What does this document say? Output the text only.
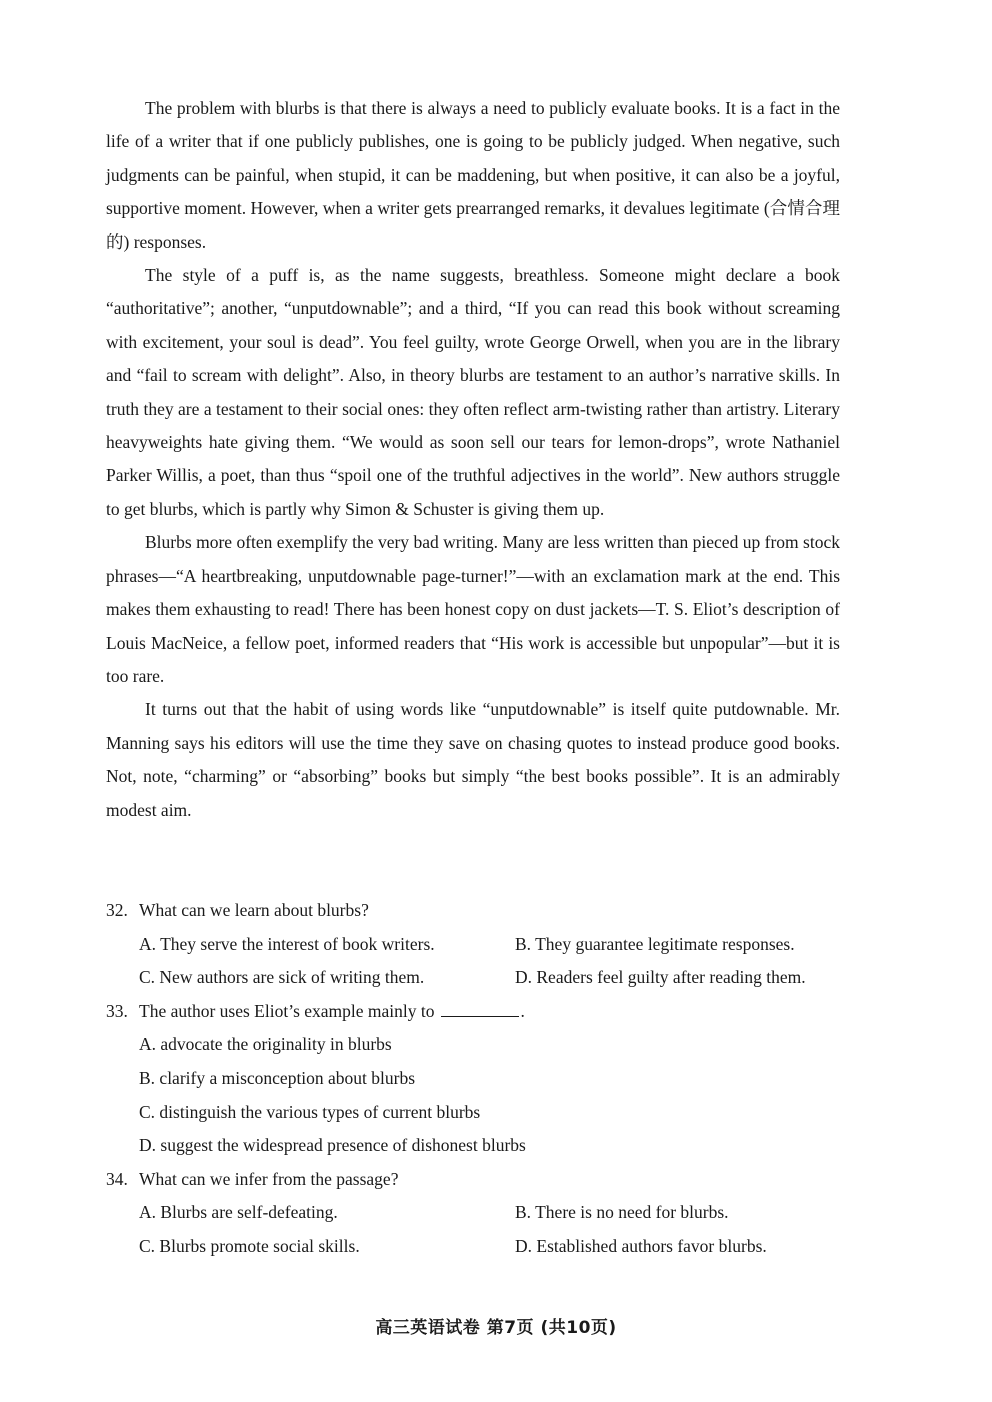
The problem with blurbs is that there is always a need to publicly evaluate books. It is a fact in the life of a writer that if one publicly publishes, one is going to be publicly judged. When negative, such judgments can be painful, when stupid, it can be maddening, but when positive, it can also be a joyful, supportive moment. However, when a writer gets prearranged remarks, it devalues legitimate (合情合理的) responses.

The style of a puff is, as the name suggests, breathless. Someone might declare a book “authoritative”; another, “unputdownable”; and a third, “If you can read this book without screaming with excitement, your soul is dead”. You feel guilty, wrote George Orwell, when you are in the library and “fail to scream with delight”. Also, in theory blurbs are testament to an author’s narrative skills. In truth they are a testament to their social ones: they often reflect arm-twisting rather than artistry. Literary heavyweights hate giving them. “We would as soon sell our tears for lemon-drops”, wrote Nathaniel Parker Willis, a poet, than thus “spoil one of the truthful adjectives in the world”. New authors struggle to get blurbs, which is partly why Simon & Schuster is giving them up.

Blurbs more often exemplify the very bad writing. Many are less written than pieced up from stock phrases—“A heartbreaking, unputdownable page-turner!”—with an exclamation mark at the end. This makes them exhausting to read! There has been honest copy on dust jackets—T. S. Eliot’s description of Louis MacNeice, a fellow poet, informed readers that “His work is accessible but unpopular”—but it is too rare.

It turns out that the habit of using words like “unputdownable” is itself quite putdownable. Mr. Manning says his editors will use the time they save on chasing quotes to instead produce good books. Not, note, “charming” or “absorbing” books but simply “the best books possible”. It is an admirably modest aim.

32. What can we learn about blurbs?
A. They serve the interest of book writers.	B. They guarantee legitimate responses.
C. New authors are sick of writing them.	D. Readers feel guilty after reading them.
33. The author uses Eliot’s example mainly to	.
A. advocate the originality in blurbs
B. clarify a misconception about blurbs
C. distinguish the various types of current blurbs
D. suggest the widespread presence of dishonest blurbs
34. What can we infer from the passage?
A. Blurbs are self-defeating.	B. There is no need for blurbs.
C. Blurbs promote social skills.	D. Established authors favor blurbs.
高三英语试卷 第7页 (共10页)
